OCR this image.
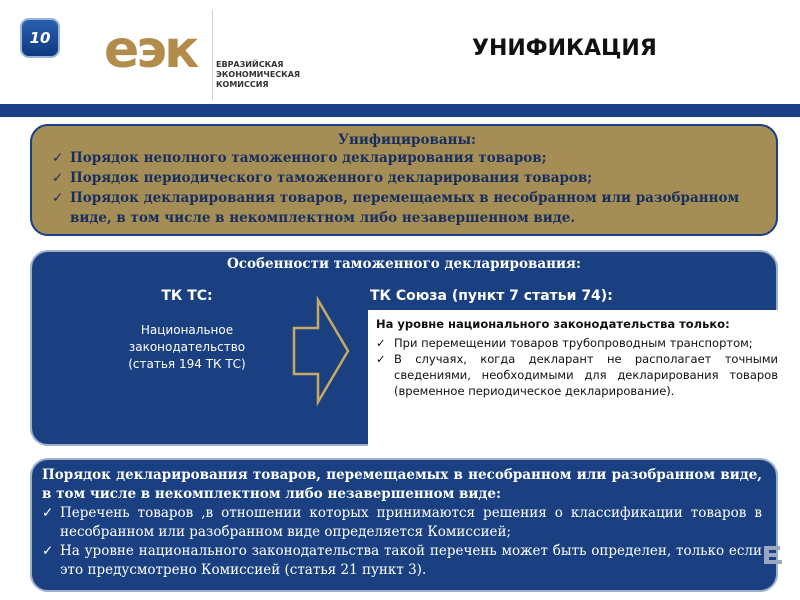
10 еэк ЕВРАЗИЙСКАЯ
ЭКОНОМИЧЕСКАЯ
КОМИССИЯ
УНИФИКАЦИЯ
Унифицированы:
✓ Порядок неполного таможенного декларирования товаров;
✓ Порядок периодического таможенного декларирования товаров;
✓ Порядок декларирования товаров, перемещаемых в несобранном или разобранном виде, в том числе в некомплектном либо незавершенном виде.
Особенности таможенного декларирования:
ТК ТС:
Национальное законодательство (статья 194 ТК ТС)
ТК Союза (пункт 7 статьи 74):
На уровне национального законодательства только:
✓ При перемещении товаров трубопроводным транспортом;
✓ В случаях, когда декларант не располагает точными сведениями, необходимыми для декларирования товаров (временное периодическое декларирование).
Порядок декларирования товаров, перемещаемых в несобранном или разобранном виде, в том числе в некомплектном либо незавершенном виде:
✓ Перечень товаров ,в отношении которых принимаются решения о классификации товаров в несобранном или разобранном виде определяется Комиссией;
✓ На уровне национального законодательства такой перечень может быть определен, только если это предусмотрено Комиссией (статья 21 пункт 3).
